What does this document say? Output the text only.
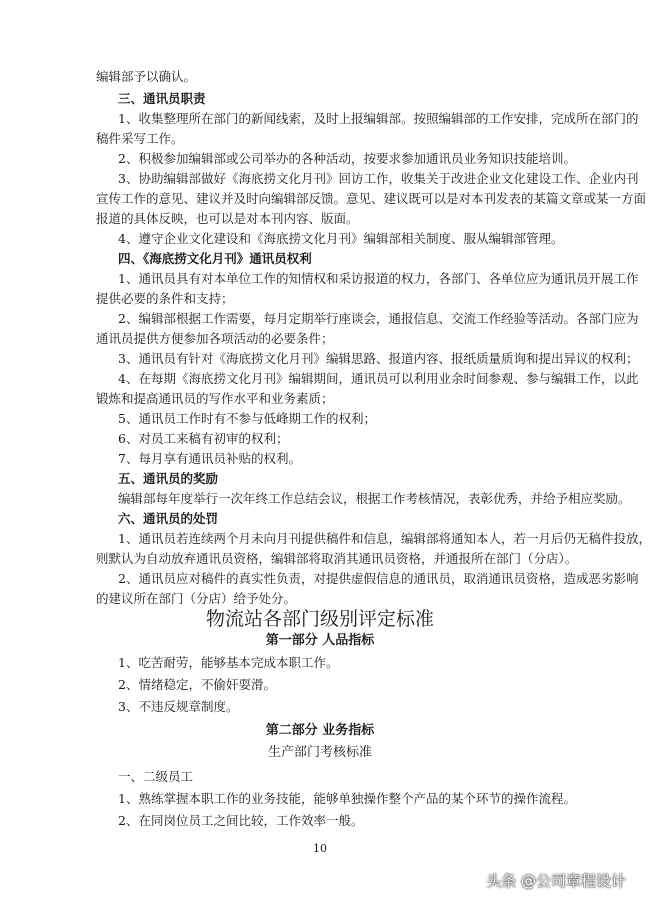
编辑部予以确认。
三、通讯员职责
1、收集整理所在部门的新闻线索，及时上报编辑部。按照编辑部的工作安排，完成所在部门的
稿件采写工作。
2、积极参加编辑部或公司举办的各种活动，按要求参加通讯员业务知识技能培训。
3、协助编辑部做好《海底捞文化月刊》回访工作，收集关于改进企业文化建设工作、企业内刊
宣传工作的意见、建议并及时向编辑部反馈。意见、建议既可以是对本刊发表的某篇文章或某一方面
报道的具体反映，也可以是对本刊内容、版面。
4、遵守企业文化建设和《海底捞文化月刊》编辑部相关制度、服从编辑部管理。
四、《海底捞文化月刊》通讯员权利
1、通讯员具有对本单位工作的知情权和采访报道的权力，各部门、各单位应为通讯员开展工作
提供必要的条件和支持；
2、编辑部根据工作需要，每月定期举行座谈会，通报信息、交流工作经验等活动。各部门应为
通讯员提供方便参加各项活动的必要条件；
3、通讯员有针对《海底捞文化月刊》编辑思路、报道内容、报纸质量质询和提出异议的权利；
4、在每期《海底捞文化月刊》编辑期间，通讯员可以利用业余时间参观、参与编辑工作，以此
锻炼和提高通讯员的写作水平和业务素质；
5、通讯员工作时有不参与低峰期工作的权利；
6、对员工来稿有初审的权利；
7、每月享有通讯员补贴的权利。
五、通讯员的奖励
编辑部每年度举行一次年终工作总结会议，根据工作考核情况，表彰优秀，并给予相应奖励。
六、通讯员的处罚
1、通讯员若连续两个月未向月刊提供稿件和信息，编辑部将通知本人，若一月后仍无稿件投放，
则默认为自动放弃通讯员资格，编辑部将取消其通讯员资格，并通报所在部门（分店）。
2、通讯员应对稿件的真实性负责，对提供虚假信息的通讯员，取消通讯员资格，造成恶劣影响
的建议所在部门（分店）给予处分。
物流站各部门级别评定标准
第一部分 人品指标
1、吃苦耐劳，能够基本完成本职工作。
2、情绪稳定，不偷奸耍滑。
3、不违反规章制度。
第二部分 业务指标
生产部门考核标准
一、二级员工
1、熟练掌握本职工作的业务技能，能够单独操作整个产品的某个环节的操作流程。
2、在同岗位员工之间比较，工作效率一般。
10
头条 @公司章程设计
